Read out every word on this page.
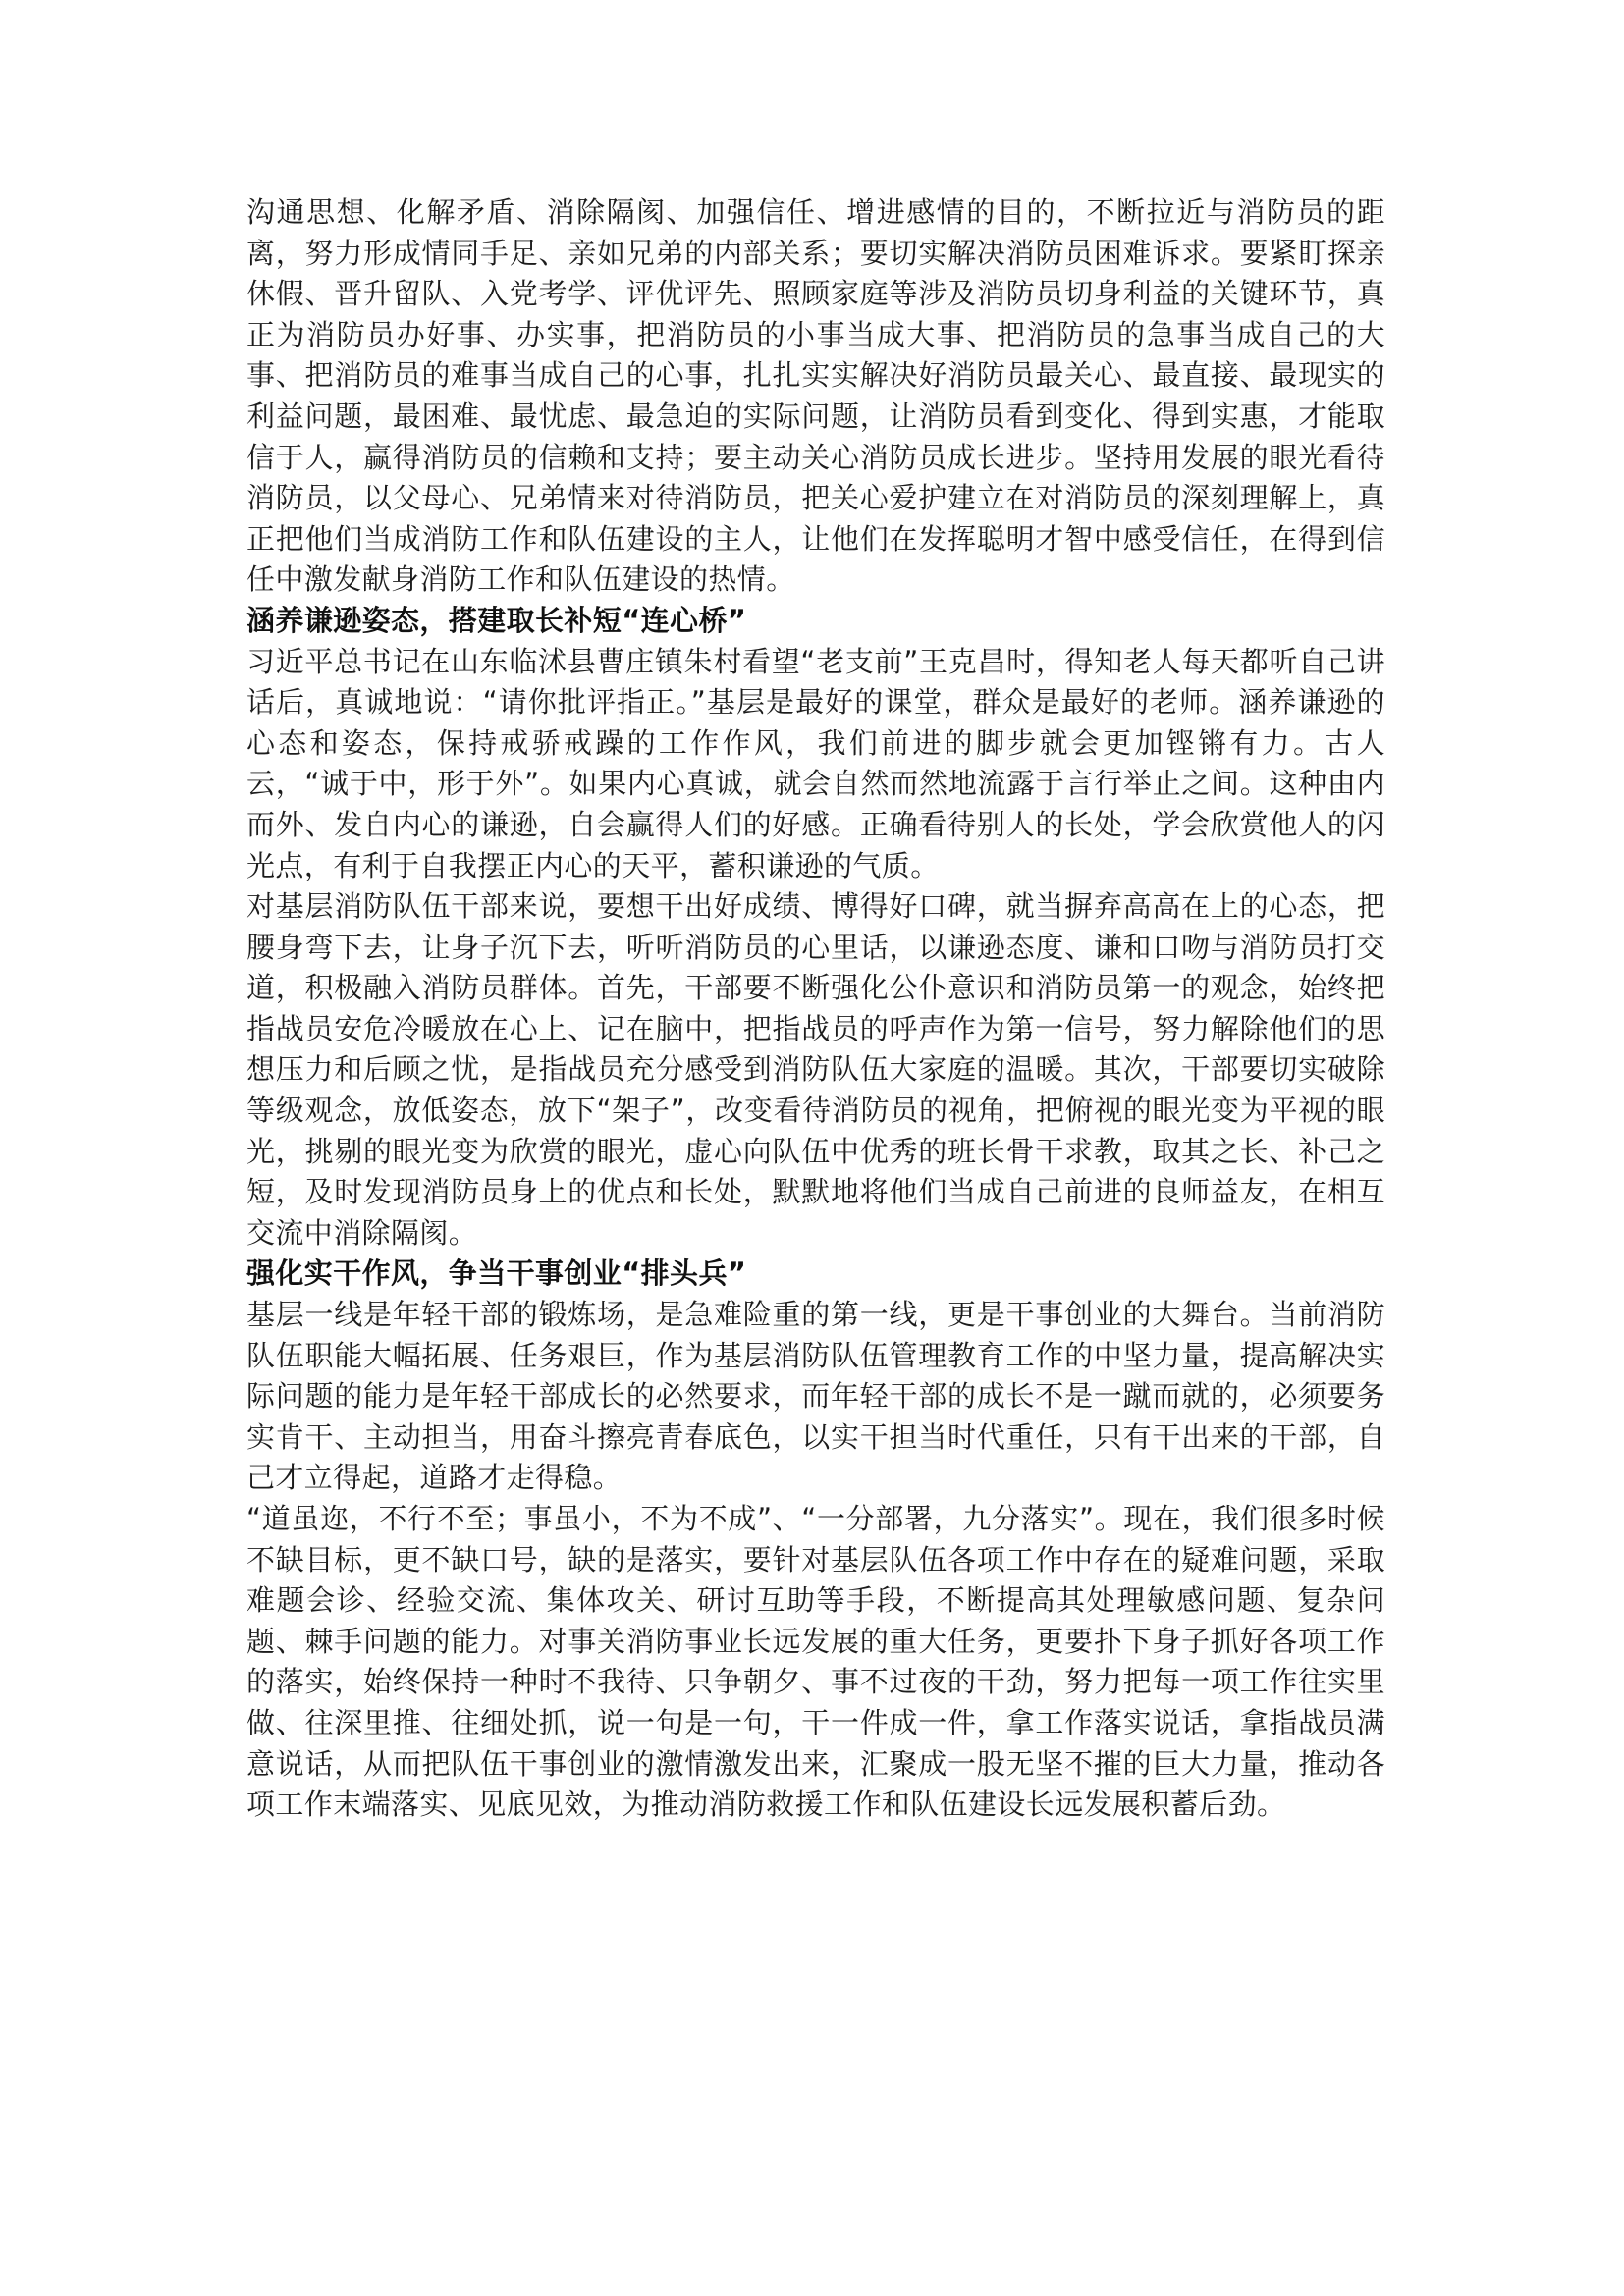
沟通思想、化解矛盾、消除隔阂、加强信任、增进感情的目的，不断拉近与消防员的距离，努力形成情同手足、亲如兄弟的内部关系；要切实解决消防员困难诉求。要紧盯探亲休假、晋升留队、入党考学、评优评先、照顾家庭等涉及消防员切身利益的关键环节，真正为消防员办好事、办实事，把消防员的小事当成大事、把消防员的急事当成自己的大事、把消防员的难事当成自己的心事，扎扎实实解决好消防员最关心、最直接、最现实的利益问题，最困难、最忧虑、最急迫的实际问题，让消防员看到变化、得到实惠，才能取信于人，赢得消防员的信赖和支持；要主动关心消防员成长进步。坚持用发展的眼光看待消防员，以父母心、兄弟情来对待消防员，把关心爱护建立在对消防员的深刻理解上，真正把他们当成消防工作和队伍建设的主人，让他们在发挥聪明才智中感受信任，在得到信任中激发献身消防工作和队伍建设的热情。

涵养谦逊姿态，搭建取长补短“连心桥”

习近平总书记在山东临沭县曹庄镇朱村看望“老支前”王克昌时，得知老人每天都听自己讲话后，真诚地说：“请你批评指正。”基层是最好的课堂，群众是最好的老师。涵养谦逊的心态和姿态，保持戒骄戒躁的工作作风，我们前进的脚步就会更加铿锵有力。古人云，“诚于中，形于外”。如果内心真诚，就会自然而然地流露于言行举止之间。这种由内而外、发自内心的谦逊，自会赢得人们的好感。正确看待别人的长处，学会欣赏他人的闪光点，有利于自我摆正内心的天平，蓄积谦逊的气质。

对基层消防队伍干部来说，要想干出好成绩、博得好口碑，就当摒弃高高在上的心态，把腰身弯下去，让身子沉下去，听听消防员的心里话，以谦逊态度、谦和口吻与消防员打交道，积极融入消防员群体。首先，干部要不断强化公仆意识和消防员第一的观念，始终把指战员安危冷暖放在心上、记在脑中，把指战员的呼声作为第一信号，努力解除他们的思想压力和后顾之忧，是指战员充分感受到消防队伍大家庭的温暖。其次，干部要切实破除等级观念，放低姿态，放下“架子”，改变看待消防员的视角，把俯视的眼光变为平视的眼光，挑剔的眼光变为欣赏的眼光，虚心向队伍中优秀的班长骨干求教，取其之长、补己之短，及时发现消防员身上的优点和长处，默默地将他们当成自己前进的良师益友，在相互交流中消除隔阂。

强化实干作风，争当干事创业“排头兵”

基层一线是年轻干部的锻炼场，是急难险重的第一线，更是干事创业的大舞台。当前消防队伍职能大幅拓展、任务艰巨，作为基层消防队伍管理教育工作的中坚力量，提高解决实际问题的能力是年轻干部成长的必然要求，而年轻干部的成长不是一蹴而就的，必须要务实肯干、主动担当，用奋斗擦亮青春底色，以实干担当时代重任，只有干出来的干部，自己才立得起，道路才走得稳。

“道虽迩，不行不至；事虽小，不为不成”、“一分部署，九分落实”。现在，我们很多时候不缺目标，更不缺口号，缺的是落实，要针对基层队伍各项工作中存在的疑难问题，采取难题会诊、经验交流、集体攻关、研讨互助等手段，不断提高其处理敏感问题、复杂问题、棘手问题的能力。对事关消防事业长远发展的重大任务，更要扑下身子抓好各项工作的落实，始终保持一种时不我待、只争朝夕、事不过夜的干劲，努力把每一项工作往实里做、往深里推、往细处抓，说一句是一句，干一件成一件，拿工作落实说话，拿指战员满意说话，从而把队伍干事创业的激情激发出来，汇聚成一股无坚不摧的巨大力量，推动各项工作末端落实、见底见效，为推动消防救援工作和队伍建设长远发展积蓄后劲。
